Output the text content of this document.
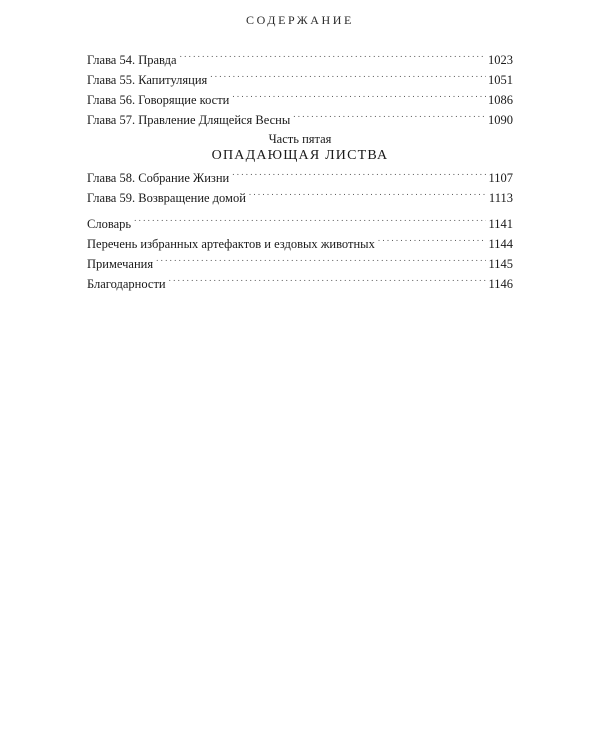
СОДЕРЖАНИЕ
Глава 54. Правда . . .	1023
Глава 55. Капитуляция . . .	1051
Глава 56. Говорящие кости . . .	1086
Глава 57. Правление Длящейся Весны . . .	1090
Часть пятая
ОПАДАЮЩАЯ ЛИСТВА
Глава 58. Собрание Жизни . . .	1107
Глава 59. Возвращение домой . . .	1113
Словарь . . .	1141
Перечень избранных артефактов и ездовых животных . . .	1144
Примечания . . .	1145
Благодарности . . .	1146
